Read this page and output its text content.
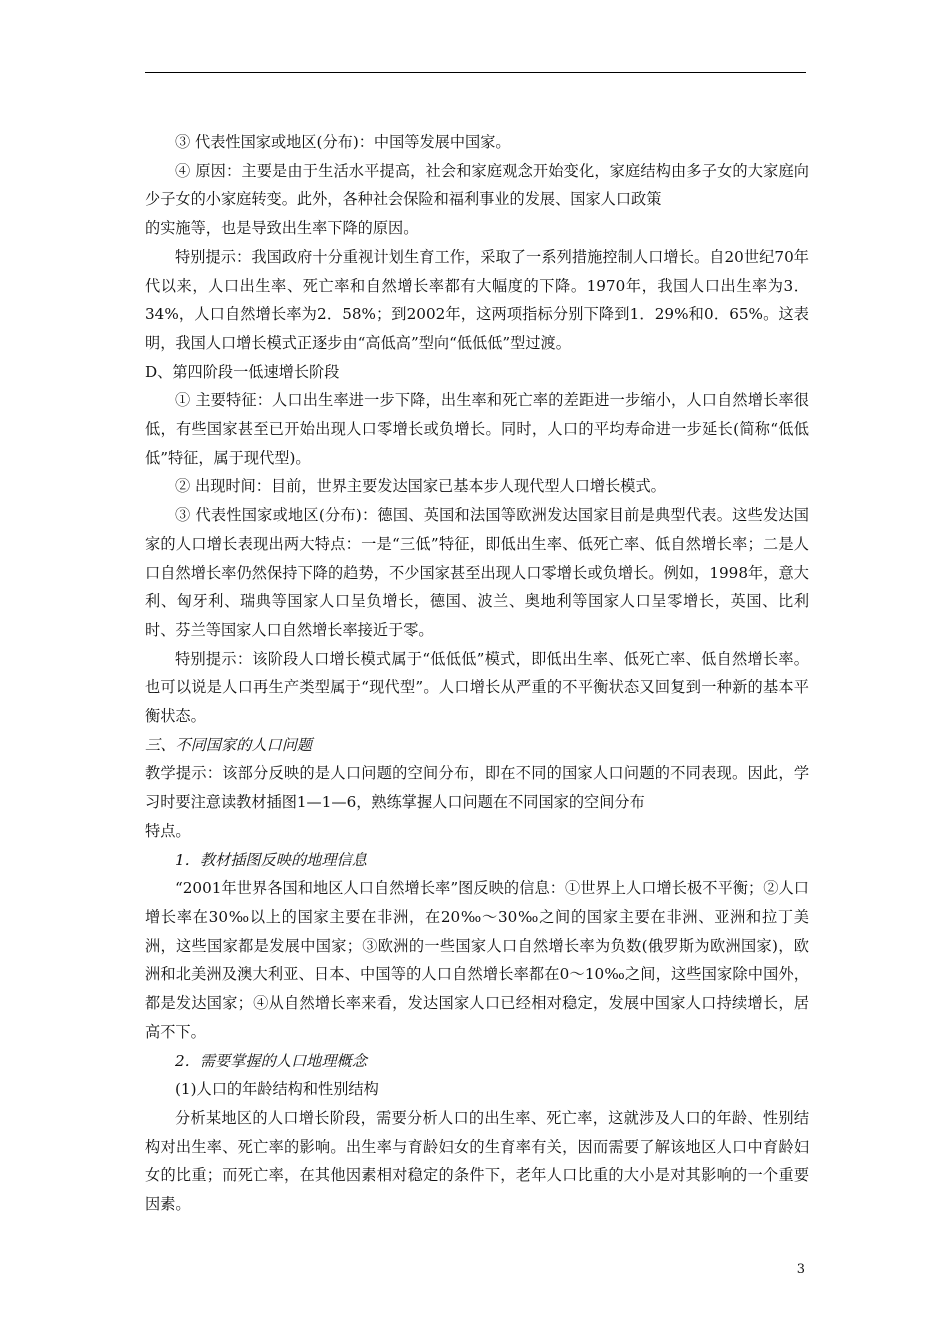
③ 代表性国家或地区(分布)：中国等发展中国家。

④ 原因：主要是由于生活水平提高，社会和家庭观念开始变化，家庭结构由多子女的大家庭向少子女的小家庭转变。此外，各种社会保险和福利事业的发展、国家人口政策

的实施等，也是导致出生率下降的原因。

特别提示：我国政府十分重视计划生育工作，采取了一系列措施控制人口增长。自20世纪70年代以来，人口出生率、死亡率和自然增长率都有大幅度的下降。1970年，我国人口出生率为3．34%，人口自然增长率为2．58%；到2002年，这两项指标分别下降到1．29%和0．65%。这表明，我国人口增长模式正逐步由“高低高”型向“低低低”型过渡。

D、第四阶段一低速增长阶段

① 主要特征：人口出生率进一步下降，出生率和死亡率的差距进一步缩小，人口自然增长率很低，有些国家甚至已开始出现人口零增长或负增长。同时，人口的平均寿命进一步延长(简称“低低低”特征，属于现代型)。

② 出现时间：目前，世界主要发达国家已基本步人现代型人口增长模式。

③ 代表性国家或地区(分布)：德国、英国和法国等欧洲发达国家目前是典型代表。这些发达国家的人口增长表现出两大特点：一是“三低”特征，即低出生率、低死亡率、低自然增长率；二是人口自然增长率仍然保持下降的趋势，不少国家甚至出现人口零增长或负增长。例如，1998年，意大利、匈牙利、瑞典等国家人口呈负增长，德国、波兰、奥地利等国家人口呈零增长，英国、比利时、芬兰等国家人口自然增长率接近于零。

特别提示：该阶段人口增长模式属于“低低低”模式，即低出生率、低死亡率、低自然增长率。也可以说是人口再生产类型属于“现代型”。人口增长从严重的不平衡状态又回复到一种新的基本平衡状态。

三、不同国家的人口问题

教学提示：该部分反映的是人口问题的空间分布，即在不同的国家人口问题的不同表现。因此，学习时要注意读教材插图1—1—6，熟练掌握人口问题在不同国家的空间分布

特点。

1．教材插图反映的地理信息

“2001年世界各国和地区人口自然增长率”图反映的信息：①世界上人口增长极不平衡；②人口增长率在30‰以上的国家主要在非洲，在20‰～30‰之间的国家主要在非洲、亚洲和拉丁美洲，这些国家都是发展中国家；③欧洲的一些国家人口自然增长率为负数(俄罗斯为欧洲国家)，欧洲和北美洲及澳大利亚、日本、中国等的人口自然增长率都在0～10‰之间，这些国家除中国外，都是发达国家；④从自然增长率来看，发达国家人口已经相对稳定，发展中国家人口持续增长，居高不下。

2．需要掌握的人口地理概念

(1)人口的年龄结构和性别结构

分析某地区的人口增长阶段，需要分析人口的出生率、死亡率，这就涉及人口的年龄、性别结构对出生率、死亡率的影响。出生率与育龄妇女的生育率有关，因而需要了解该地区人口中育龄妇女的比重；而死亡率，在其他因素相对稳定的条件下，老年人口比重的大小是对其影响的一个重要因素。

3
